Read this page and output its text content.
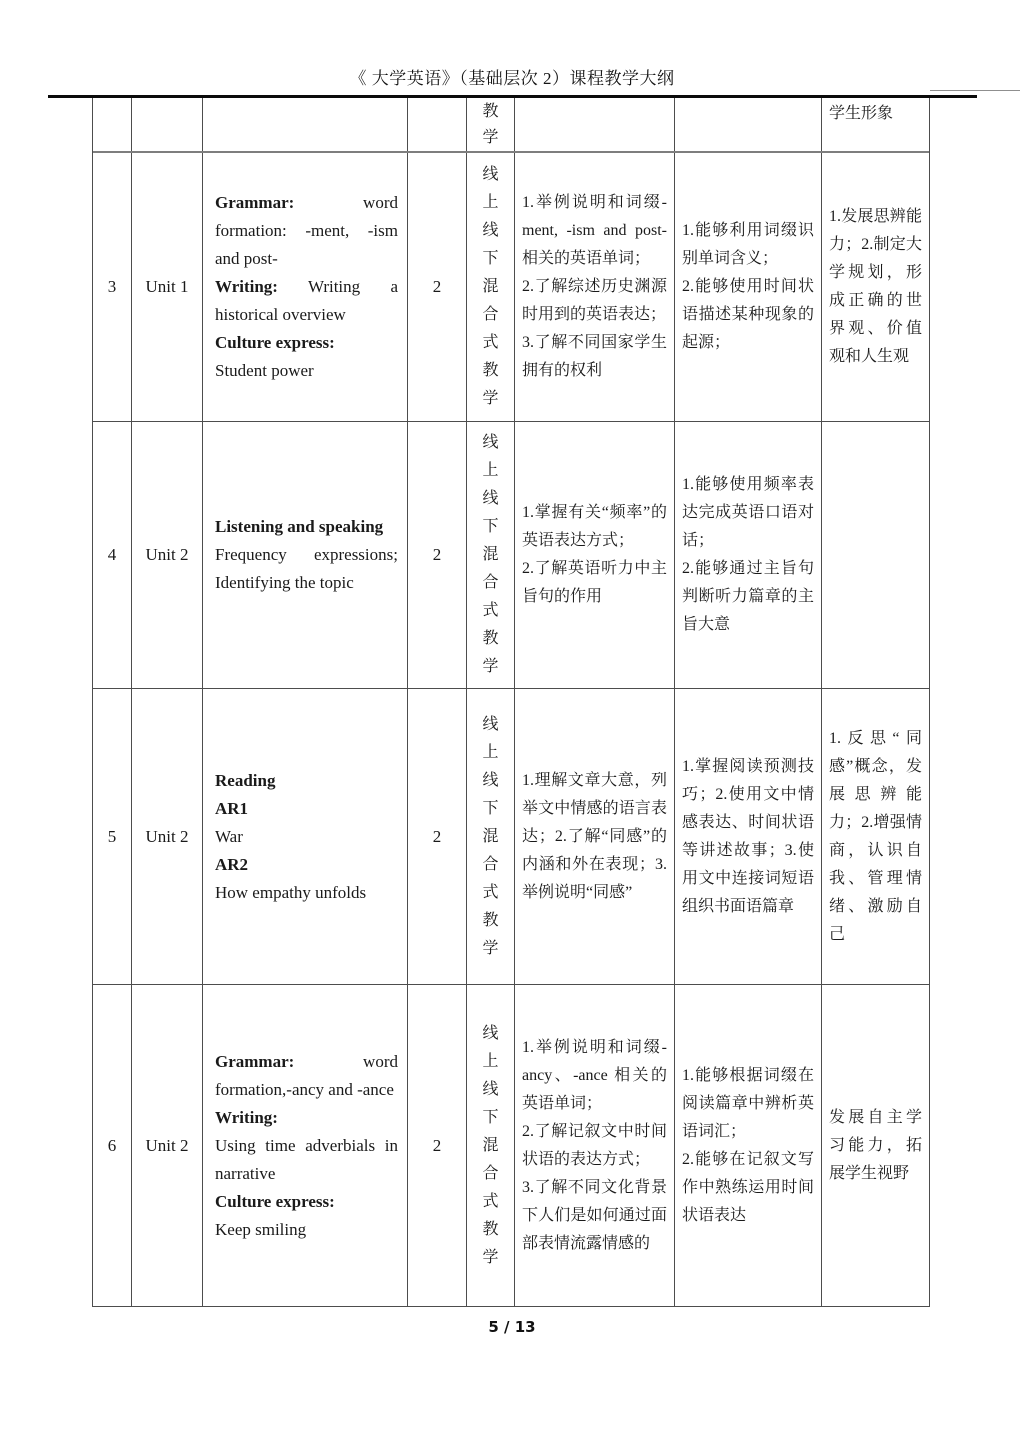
《 大学英语》（基础层次 2）课程教学大纲
教学

学生形象

3 Unit 1

Grammar: word formation: -ment, -ism and post-

Writing: Writing a historical overview

Culture express:

Student power

2
线上线下混合式教学

1.举例说明和词缀-ment, -ism and post- 相关的英语单词；

2.了解综述历史渊源时用到的英语表达；

3.了解不同国家学生拥有的权利

1.能够利用词缀识别单词含义；

2.能够使用时间状语描述某种现象的起源；

1.发展思辨能力；2.制定大学规划，形成正确的世界观、价值观和人生观

4 Unit 2

Listening and speaking

Frequency expressions; Identifying the topic

2
线上线下混合式教学

1.掌握有关“频率”的英语表达方式；

2.了解英语听力中主旨句的作用

1.能够使用频率表达完成英语口语对话；

2.能够通过主旨句判断听力篇章的主旨大意

5 Unit 2

Reading

AR1

War

AR2

How empathy unfolds

2
线上线下混合式教学

1.理解文章大意，列举文中情感的语言表达；2.了解“同感”的内涵和外在表现；3.举例说明“同感”

1.掌握阅读预测技巧；2.使用文中情感表达、时间状语等讲述故事；3.使用文中连接词短语组织书面语篇章

1.反思“同感”概念，发展思辨能力；2.增强情商，认识自我、管理情绪、激励自己

6 Unit 2

Grammar: word formation,-ancy and -ance

Writing:

Using time adverbials in narrative

Culture express:

Keep smiling

2
线上线下混合式教学

1.举例说明和词缀-ancy、-ance 相关的英语单词；

2.了解记叙文中时间状语的表达方式；

3.了解不同文化背景下人们是如何通过面部表情流露情感的

1.能够根据词缀在阅读篇章中辨析英语词汇；

2.能够在记叙文写作中熟练运用时间状语表达

发展自主学习能力，拓展学生视野

5 / 13
